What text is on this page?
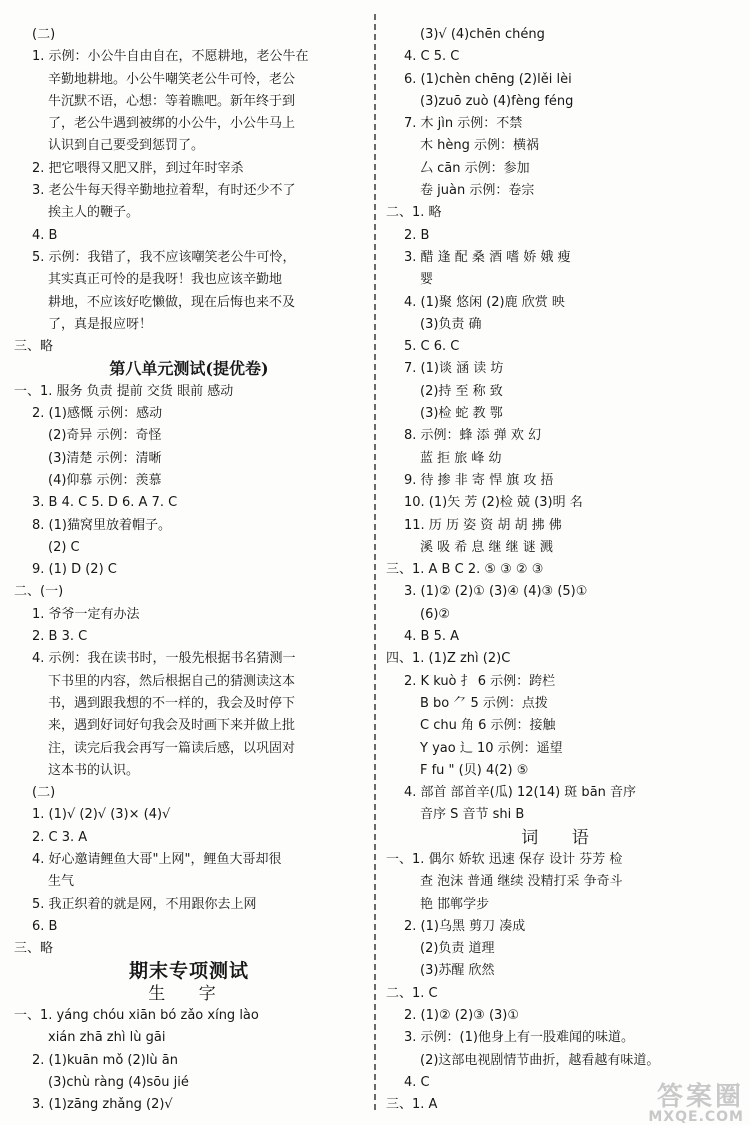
(二)
1. 示例：小公牛自由自在，不愿耕地，老公牛在
辛勤地耕地。小公牛嘲笑老公牛可怜，老公
牛沉默不语，心想：等着瞧吧。新年终于到
了，老公牛遇到被绑的小公牛，小公牛马上
认识到自己要受到惩罚了。
2. 把它喂得又肥又胖，到过年时宰杀
3. 老公牛每天得辛勤地拉着犁，有时还少不了
挨主人的鞭子。
4. B
5. 示例：我错了，我不应该嘲笑老公牛可怜，
其实真正可怜的是我呀！我也应该辛勤地
耕地，不应该好吃懒做，现在后悔也来不及
了，真是报应呀！
三、略
第八单元测试(提优卷)
一、1. 服务 负责 提前 交货 眼前 感动
2. (1)感慨 示例：感动
(2)奇异 示例：奇怪
(3)清楚 示例：清晰
(4)仰慕 示例：羡慕
3. B 4. C 5. D 6. A 7. C
8. (1)猫窝里放着帽子。
(2) C
9. (1) D (2) C
二、(一)
1. 爷爷一定有办法
2. B 3. C
4. 示例：我在读书时，一般先根据书名猜测一
下书里的内容，然后根据自己的猜测读这本
书，遇到跟我想的不一样的，我会及时停下
来，遇到好词好句我会及时画下来并做上批
注，读完后我会再写一篇读后感，以巩固对
这本书的认识。
(二)
1. (1)√ (2)√ (3)× (4)√
2. C 3. A
4. 好心邀请鲤鱼大哥"上网"，鲤鱼大哥却很
生气
5. 我正织着的就是网，不用跟你去上网
6. B
三、略
期末专项测试
生 字
一、1. yáng chóu xiān bó zǎo xíng lào
xián zhā zhì lù gāi
2. (1)kuān mǒ (2)lù ān
(3)chù ràng (4)sōu jié
3. (1)zāng zhǎng (2)√
(3)√ (4)chēn chéng
4. C 5. C
6. (1)chèn chēng (2)lěi lèi
(3)zuō zuò (4)fèng féng
7. 木 jìn 示例：不禁
木 hèng 示例：横祸
厶 cān 示例：参加
卷 juàn 示例：卷宗
二、1. 略
2. B
3. 醋 逢 配 桑 酒 嗜 娇 娥 瘦
婴
4. (1)聚 悠闲 (2)鹿 欣赏 映
(3)负责 确
5. C 6. C
7. (1)谈 涵 读 坊
(2)持 至 称 致
(3)检 蛇 教 鄂
8. 示例：蜂 添 弹 欢 幻
蓝 拒 旅 峰 幼
9. 待 掺 非 寄 悍 旗 攻 捂
10. (1)矢 芳 (2)检 兢 (3)明 名
11. 历 历 姿 资 胡 胡 拂 佛
溪 吸 希 息 继 继 谜 溅
三、1. A B C 2. ⑤ ③ ② ③
3. (1)② (2)① (3)④ (4)③ (5)①
(6)②
4. B 5. A
四、1. (1)Z zhì (2)C
2. K kuò 扌 6 示例：跨栏
B bo ⺈ 5 示例：点拨
C chu 角 6 示例：接触
Y yao 辶 10 示例：遥望
F fu " (贝) 4(2) ⑤
4. 部首 部首辛(瓜) 12(14) 斑 bān 音序
音序 S 音节 shi B
词 语
一、1. 偶尔 娇软 迅速 保存 设计 芬芳 检
查 泡沫 普通 继续 没精打采 争奇斗
艳 邯郸学步
2. (1)乌黑 剪刀 凑成
(2)负责 道理
(3)苏醒 欣然
二、1. C
2. (1)② (2)③ (3)①
3. 示例：(1)他身上有一股难闻的味道。
(2)这部电视剧情节曲折，越看越有味道。
4. C
三、1. A	答案圈
MXQE.COM
